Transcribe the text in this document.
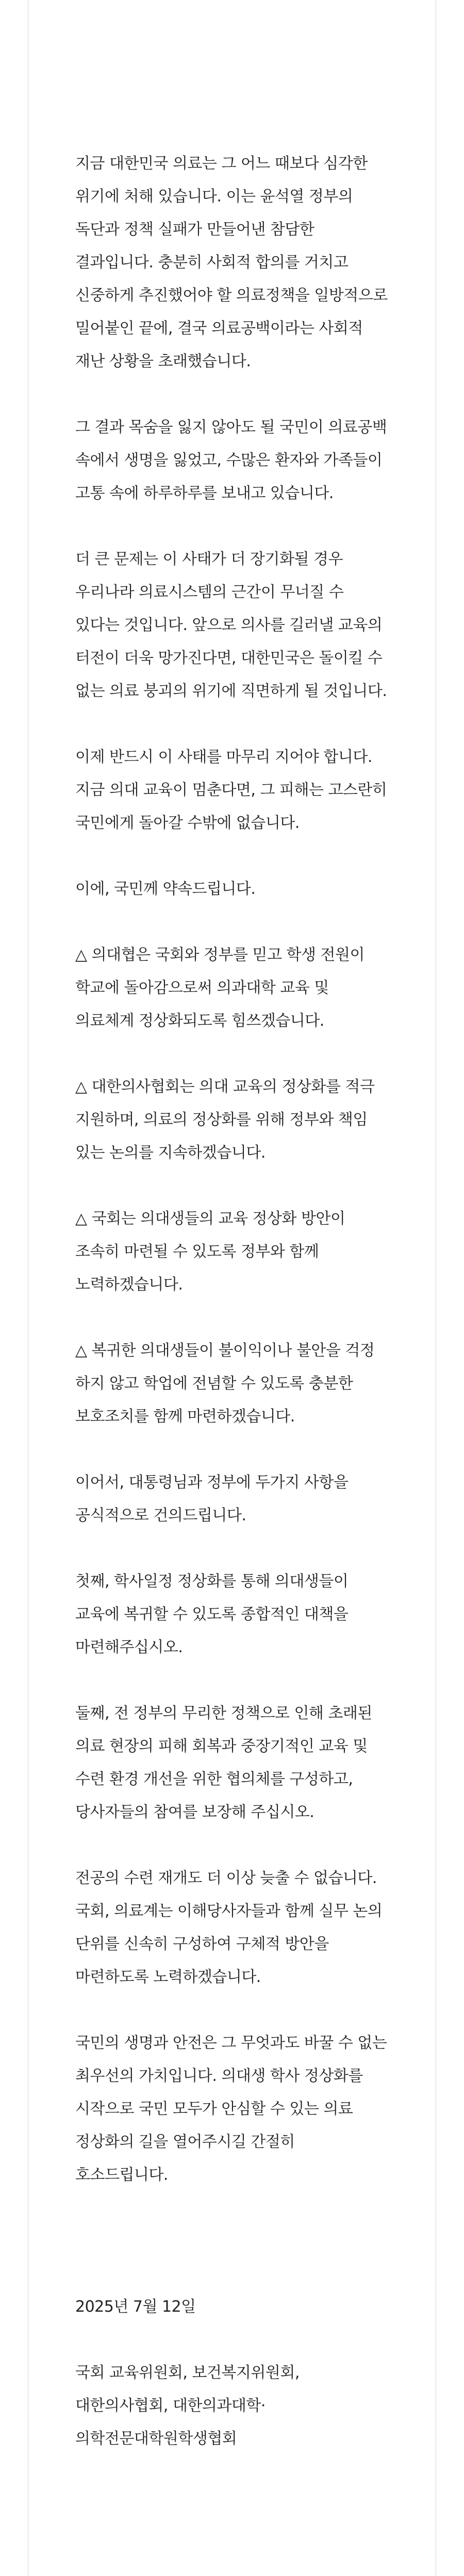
지금 대한민국 의료는 그 어느 때보다 심각한 위기에 처해 있습니다. 이는 윤석열 정부의 독단과 정책 실패가 만들어낸 참담한 결과입니다. 충분히 사회적 합의를 거치고 신중하게 추진했어야 할 의료정책을 일방적으로 밀어붙인 끝에, 결국 의료공백이라는 사회적 재난 상황을 초래했습니다.

그 결과 목숨을 잃지 않아도 될 국민이 의료공백 속에서 생명을 잃었고, 수많은 환자와 가족들이 고통 속에 하루하루를 보내고 있습니다.

더 큰 문제는 이 사태가 더 장기화될 경우 우리나라 의료시스템의 근간이 무너질 수 있다는 것입니다. 앞으로 의사를 길러낼 교육의 터전이 더욱 망가진다면, 대한민국은 돌이킬 수 없는 의료 붕괴의 위기에 직면하게 될 것입니다.

이제 반드시 이 사태를 마무리 지어야 합니다. 지금 의대 교육이 멈춘다면, 그 피해는 고스란히 국민에게 돌아갈 수밖에 없습니다.

이에, 국민께 약속드립니다.

△ 의대협은 국회와 정부를 믿고 학생 전원이 학교에 돌아감으로써 의과대학 교육 및 의료체계 정상화되도록 힘쓰겠습니다.

△ 대한의사협회는 의대 교육의 정상화를 적극 지원하며, 의료의 정상화를 위해 정부와 책임 있는 논의를 지속하겠습니다.

△ 국회는 의대생들의 교육 정상화 방안이 조속히 마련될 수 있도록 정부와 함께 노력하겠습니다.

△ 복귀한 의대생들이 불이익이나 불안을 걱정 하지 않고 학업에 전념할 수 있도록 충분한 보호조치를 함께 마련하겠습니다.

이어서, 대통령님과 정부에 두가지 사항을 공식적으로 건의드립니다.

첫째, 학사일정 정상화를 통해 의대생들이 교육에 복귀할 수 있도록 종합적인 대책을 마련해주십시오.

둘째, 전 정부의 무리한 정책으로 인해 초래된 의료 현장의 피해 회복과 중장기적인 교육 및 수련 환경 개선을 위한 협의체를 구성하고, 당사자들의 참여를 보장해 주십시오.

전공의 수련 재개도 더 이상 늦출 수 없습니다. 국회, 의료계는 이해당사자들과 함께 실무 논의 단위를 신속히 구성하여 구체적 방안을 마련하도록 노력하겠습니다.

국민의 생명과 안전은 그 무엇과도 바꿀 수 없는 최우선의 가치입니다. 의대생 학사 정상화를 시작으로 국민 모두가 안심할 수 있는 의료 정상화의 길을 열어주시길 간절히 호소드립니다.

2025년 7월 12일

국회 교육위원회, 보건복지위원회, 대한의사협회, 대한의과대학·의학전문대학원학생협회
